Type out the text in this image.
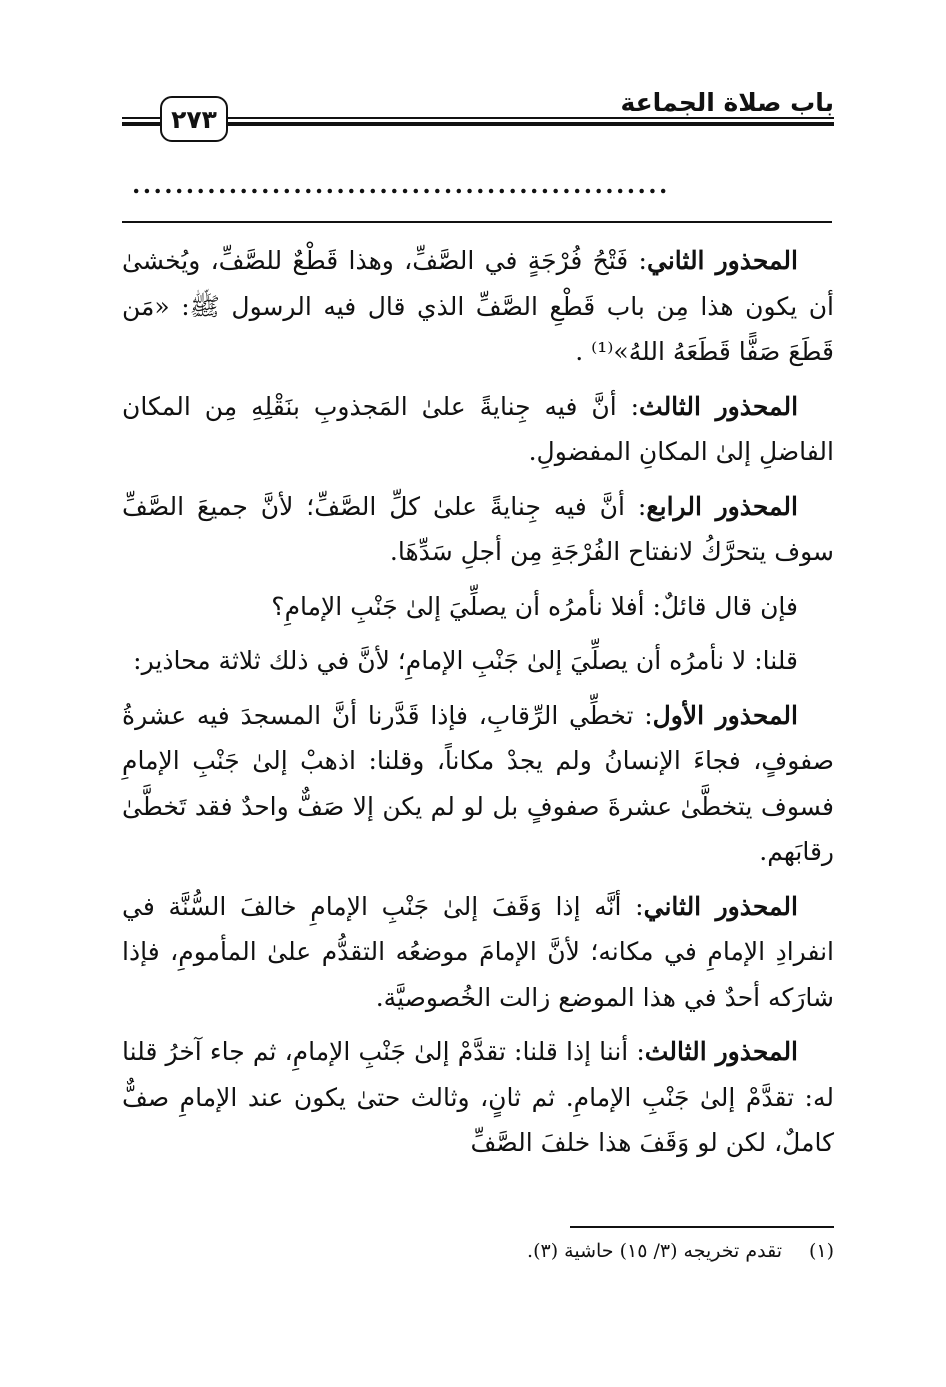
باب صلاة الجماعة
٢٧٣
..................................................

المحذور الثاني: فَتْحُ فُرْجَةٍ في الصَّفِّ، وهذا قَطْعٌ للصَّفِّ، ويُخشىٰ أن يكون هذا مِن باب قَطْعِ الصَّفِّ الذي قال فيه الرسول ﷺ: «مَن قَطَعَ صَفًّا قَطَعَهُ اللهُ»⁽¹⁾ .

المحذور الثالث: أنَّ فيه جِنايةً علىٰ المَجذوبِ بنَقْلِهِ مِن المكان الفاضلِ إلىٰ المكانِ المفضولِ.

المحذور الرابع: أنَّ فيه جِنايةً علىٰ كلِّ الصَّفِّ؛ لأنَّ جميعَ الصَّفِّ سوف يتحرَّكُ لانفتاح الفُرْجَةِ مِن أجلِ سَدِّهَا.

فإن قال قائلٌ: أفلا نأمرُه أن يصلِّيَ إلىٰ جَنْبِ الإمامِ؟

قلنا: لا نأمرُه أن يصلِّيَ إلىٰ جَنْبِ الإمامِ؛ لأنَّ في ذلك ثلاثة محاذير:

المحذور الأول: تخطِّي الرِّقابِ، فإذا قَدَّرنا أنَّ المسجدَ فيه عشرةُ صفوفٍ، فجاءَ الإنسانُ ولم يجدْ مكاناً، وقلنا: اذهبْ إلىٰ جَنْبِ الإمامِ فسوف يتخطَّىٰ عشرةَ صفوفٍ بل لو لم يكن إلا صَفٌّ واحدٌ فقد تَخطَّىٰ رقابَهم.

المحذور الثاني: أنَّه إذا وَقَفَ إلىٰ جَنْبِ الإمامِ خالفَ السُّنَّة في انفرادِ الإمامِ في مكانه؛ لأنَّ الإمامَ موضعُه التقدُّم علىٰ المأمومِ، فإذا شارَكه أحدٌ في هذا الموضع زالت الخُصوصيَّة.

المحذور الثالث: أننا إذا قلنا: تقدَّمْ إلىٰ جَنْبِ الإمامِ، ثم جاء آخرُ قلنا له: تقدَّمْ إلىٰ جَنْبِ الإمامِ. ثم ثانٍ، وثالث حتىٰ يكون عند الإمامِ صفٌّ كاملٌ، لكن لو وَقَفَ هذا خلفَ الصَّفِّ

(١)تقدم تخريجه (٣/ ١٥) حاشية (٣).
